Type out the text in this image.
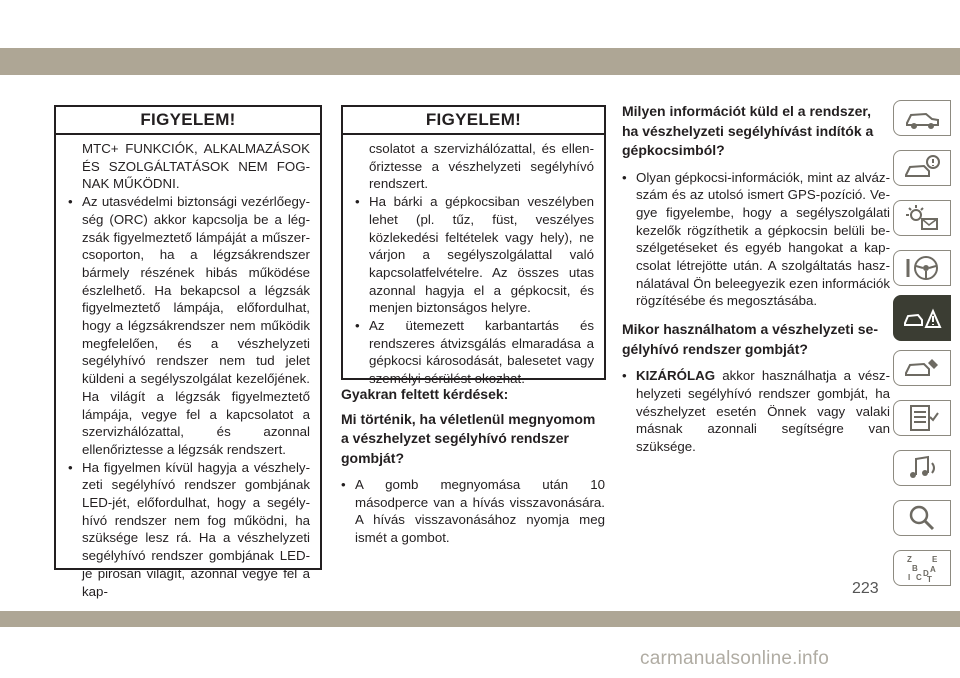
FIGYELEM!

MTC+ FUNKCIÓK, ALKALMAZÁSOK ÉS SZOLGÁLTATÁSOK NEM FOGNAK MŰKÖDNI.

• Az utasvédelmi biztonsági vezérlőegység (ORC) akkor kapcsolja be a légzsák figyelmeztető lámpáját a műszercsoporton, ha a légzsákrendszer bármely részének hibás működése észlelhető. Ha bekapcsol a légzsák figyelmeztető lámpája, előfordulhat, hogy a légzsákrendszer nem működik megfelelően, és a vészhelyzeti segélyhívó rendszer nem tud jelet küldeni a segélyszolgálat kezelőjének. Ha világít a légzsák figyelmeztető lámpája, vegye fel a kapcsolatot a szervizhálózattal, és azonnal ellenőriztesse a légzsák rendszert.

• Ha figyelmen kívül hagyja a vészhelyzeti segélyhívó rendszer gombjának LED-jét, előfordulhat, hogy a segélyhívó rendszer nem fog működni, ha szüksége lesz rá. Ha a vészhelyzeti segélyhívó rendszer gombjának LED-je pirosan világít, azonnal vegye fel a kap-

FIGYELEM!

csolatot a szervizhálózattal, és ellenőriztesse a vészhelyzeti segélyhívó rendszert.

• Ha bárki a gépkocsiban veszélyben lehet (pl. tűz, füst, veszélyes közlekedési feltételek vagy hely), ne várjon a segélyszolgálattal való kapcsolatfelvételre. Az összes utas azonnal hagyja el a gépkocsit, és menjen biztonságos helyre.

• Az ütemezett karbantartás és rendszeres átvizsgálás elmaradása a gépkocsi károsodását, balesetet vagy személyi sérülést okozhat.

Gyakran feltett kérdések:

Mi történik, ha véletlenül megnyomom a vészhelyzet segélyhívó rendszer gombját?

• A gomb megnyomása után 10 másodperce van a hívás visszavonására. A hívás visszavonásához nyomja meg ismét a gombot.

Milyen információt küld el a rendszer, ha vészhelyzeti segélyhívást indítók a gépkocsimból?

• Olyan gépkocsi-információk, mint az alvázszám és az utolsó ismert GPS-pozíció. Vegye figyelembe, hogy a segélyszolgálati kezelők rögzíthetik a gépkocsin belüli beszélgetéseket és egyéb hangokat a kapcsolat létrejötte után. A szolgáltatás használatával Ön beleegyezik ezen információk rögzítésébe és megosztásába.

Mikor használhatom a vészhelyzeti segélyhívó rendszer gombját?

• KIZÁRÓLAG akkor használhatja a vészhelyzeti segélyhívó rendszer gombját, ha vészhelyzet esetén Önnek vagy valaki másnak azonnali segítségre van szüksége.

Z	E
B A
I C D
T
223
carmanualsonline.info
